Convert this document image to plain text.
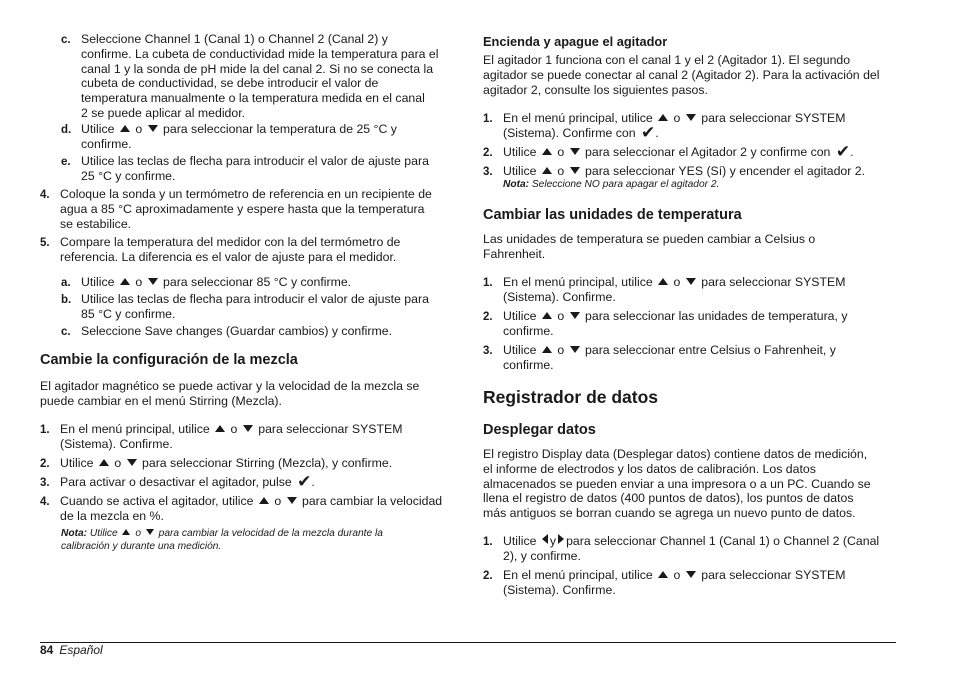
c. Seleccione Channel 1 (Canal 1) o Channel 2 (Canal 2) y
confirme. La cubeta de conductividad mide la temperatura para el
canal 1 y la sonda de pH mide la del canal 2. Si no se conecta la
cubeta de conductividad, se debe introducir el valor de
temperatura manualmente o la temperatura medida en el canal
2 se puede aplicar al medidor.
d. Utilice o para seleccionar la temperatura de 25 °C y
confirme.
e. Utilice las teclas de flecha para introducir el valor de ajuste para
25 °C y confirme.
4. Coloque la sonda y un termómetro de referencia en un recipiente de
agua a 85 °C aproximadamente y espere hasta que la temperatura
se estabilice.
5. Compare la temperatura del medidor con la del termómetro de
referencia. La diferencia es el valor de ajuste para el medidor.
a. Utilice o para seleccionar 85 °C y confirme.
b. Utilice las teclas de flecha para introducir el valor de ajuste para
85 °C y confirme.
c. Seleccione Save changes (Guardar cambios) y confirme.
Cambie la configuración de la mezcla
El agitador magnético se puede activar y la velocidad de la mezcla se
puede cambiar en el menú Stirring (Mezcla).
1. En el menú principal, utilice o para seleccionar SYSTEM
(Sistema). Confirme.
2. Utilice o para seleccionar Stirring (Mezcla), y confirme.
3. Para activar o desactivar el agitador, pulse ✔.
4. Cuando se activa el agitador, utilice o para cambiar la velocidad
de la mezcla en %.
Nota: Utilice o para cambiar la velocidad de la mezcla durante la
calibración y durante una medición.
Encienda y apague el agitador
El agitador 1 funciona con el canal 1 y el 2 (Agitador 1). El segundo
agitador se puede conectar al canal 2 (Agitador 2). Para la activación del
agitador 2, consulte los siguientes pasos.
1. En el menú principal, utilice o para seleccionar SYSTEM
(Sistema). Confirme con ✔.
2. Utilice o para seleccionar el Agitador 2 y confirme con ✔.
3. Utilice o para seleccionar YES (Sí) y encender el agitador 2.
Nota: Seleccione NO para apagar el agitador 2.
Cambiar las unidades de temperatura
Las unidades de temperatura se pueden cambiar a Celsius o
Fahrenheit.
1. En el menú principal, utilice o para seleccionar SYSTEM
(Sistema). Confirme.
2. Utilice o para seleccionar las unidades de temperatura, y
confirme.
3. Utilice o para seleccionar entre Celsius o Fahrenheit, y
confirme.
Registrador de datos
Desplegar datos
El registro Display data (Desplegar datos) contiene datos de medición,
el informe de electrodos y los datos de calibración. Los datos
almacenados se pueden enviar a una impresora o a un PC. Cuando se
llena el registro de datos (400 puntos de datos), los puntos de datos
más antiguos se borran cuando se agrega un nuevo punto de datos.
1. Utilice y para seleccionar Channel 1 (Canal 1) o Channel 2 (Canal
2), y confirme.
2. En el menú principal, utilice o para seleccionar SYSTEM
(Sistema). Confirme.
84 Español
